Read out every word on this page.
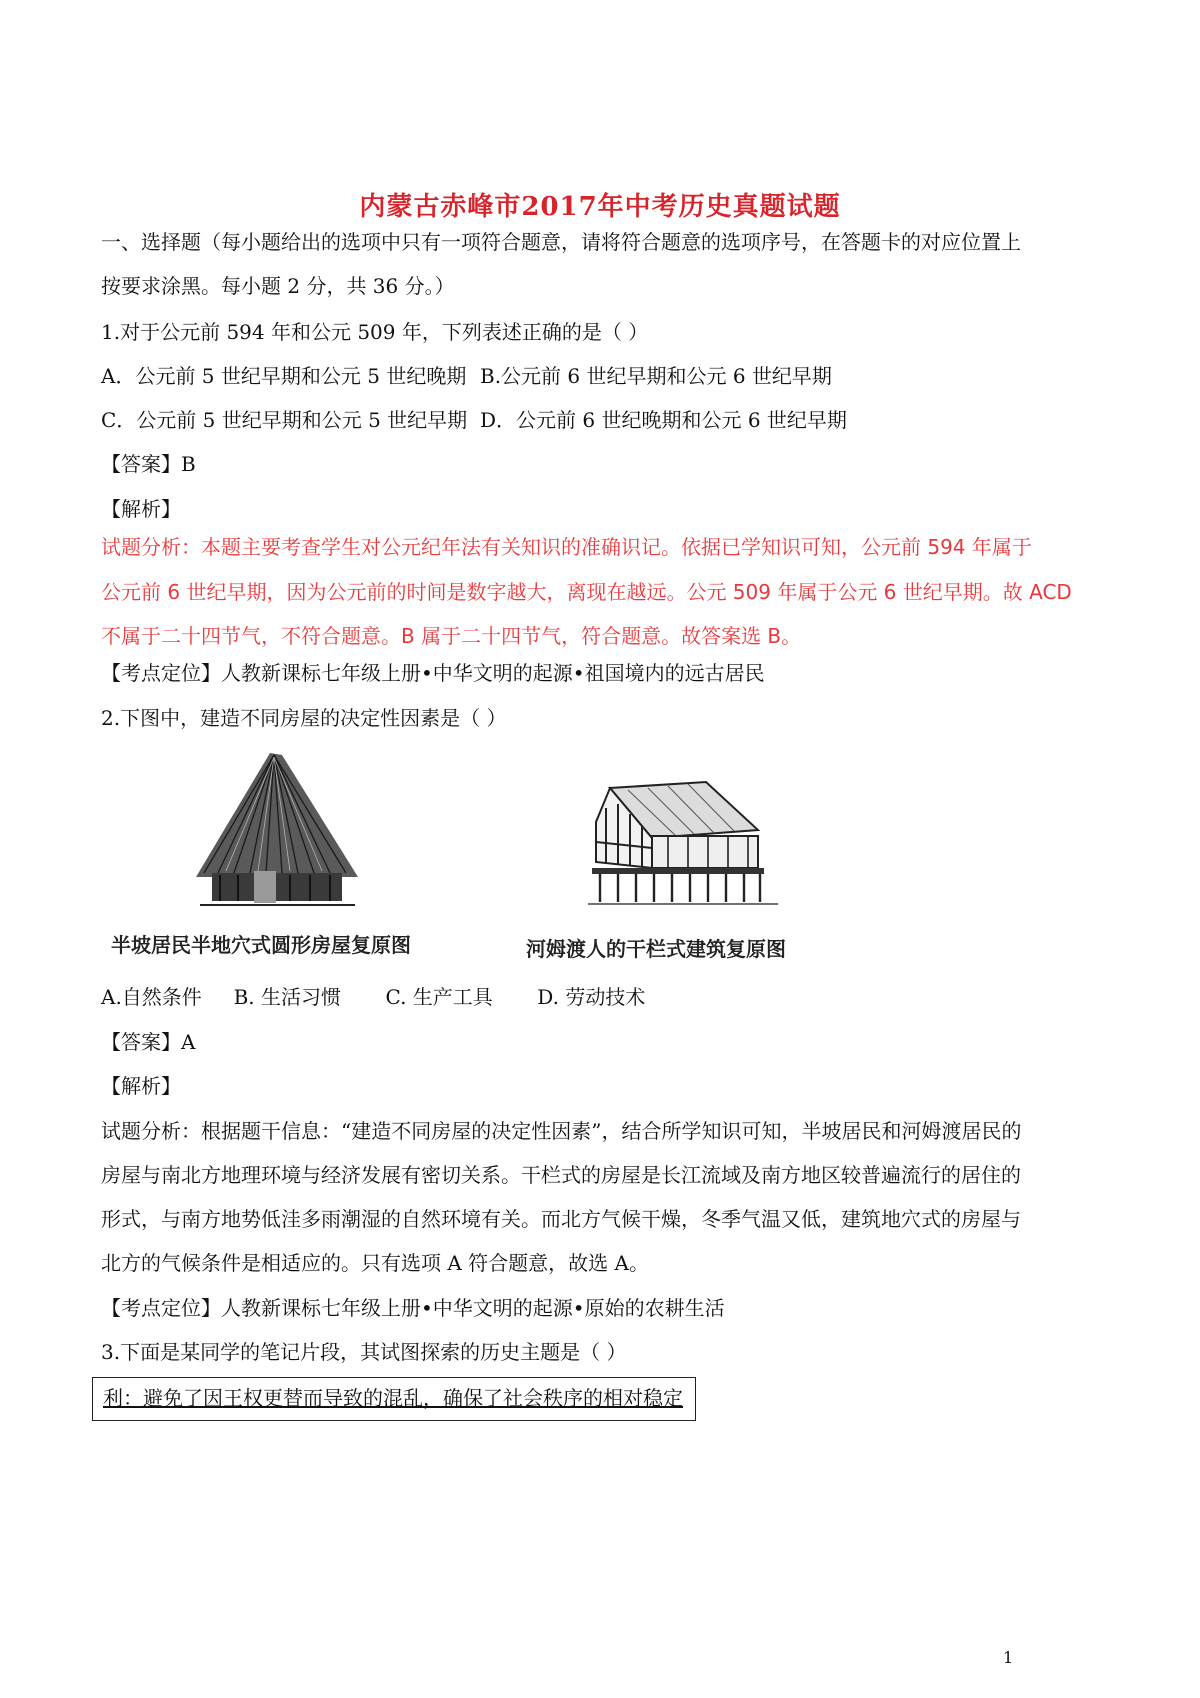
内蒙古赤峰市2017年中考历史真题试题
一、选择题（每小题给出的选项中只有一项符合题意，请将符合题意的选项序号，在答题卡的对应位置上
按要求涂黑。每小题 2 分，共 36 分。）
1.对于公元前 594 年和公元 509 年，下列表述正确的是（ ）
A．公元前 5 世纪早期和公元 5 世纪晚期 B.公元前 6 世纪早期和公元 6 世纪早期
C．公元前 5 世纪早期和公元 5 世纪早期 D．公元前 6 世纪晚期和公元 6 世纪早期
【答案】B
【解析】
试题分析：本题主要考查学生对公元纪年法有关知识的准确识记。依据已学知识可知，公元前 594 年属于
公元前 6 世纪早期，因为公元前的时间是数字越大，离现在越远。公元 509 年属于公元 6 世纪早期。故 ACD
不属于二十四节气，不符合题意。B 属于二十四节气，符合题意。故答案选 B。
【考点定位】人教新课标七年级上册•中华文明的起源•祖国境内的远古居民
2.下图中，建造不同房屋的决定性因素是（ ）
半坡居民半地穴式圆形房屋复原图	河姆渡人的干栏式建筑复原图
A.自然条件     B. 生活习惯       C. 生产工具       D. 劳动技术
【答案】A
【解析】
试题分析：根据题干信息：“建造不同房屋的决定性因素”，结合所学知识可知，半坡居民和河姆渡居民的
房屋与南北方地理环境与经济发展有密切关系。干栏式的房屋是长江流域及南方地区较普遍流行的居住的
形式，与南方地势低洼多雨潮湿的自然环境有关。而北方气候干燥，冬季气温又低，建筑地穴式的房屋与
北方的气候条件是相适应的。只有选项 A 符合题意，故选 A。
【考点定位】人教新课标七年级上册•中华文明的起源•原始的农耕生活
3.下面是某同学的笔记片段，其试图探索的历史主题是（ ）
利：避免了因王权更替而导致的混乱，确保了社会秩序的相对稳定
1
